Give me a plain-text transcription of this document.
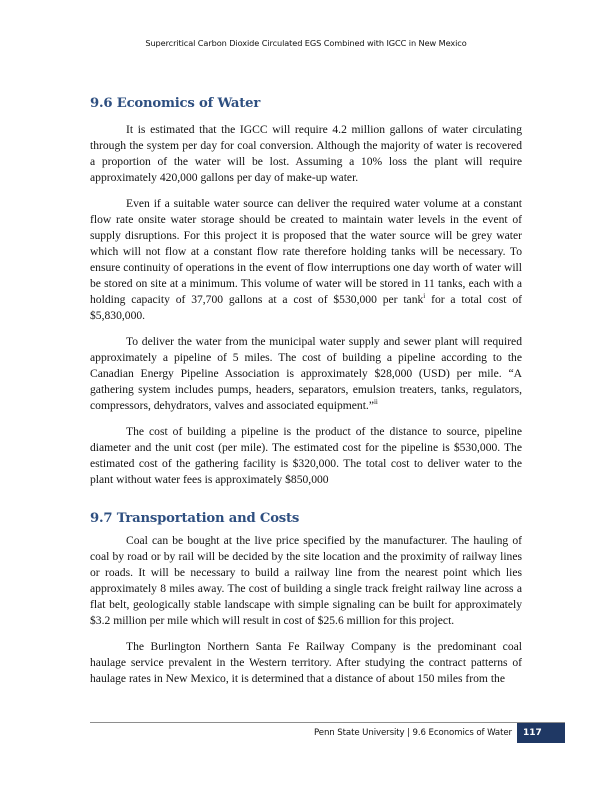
Supercritical Carbon Dioxide Circulated EGS Combined with IGCC in New Mexico
9.6 Economics of Water

It is estimated that the IGCC will require 4.2 million gallons of water circulating through the system per day for coal conversion. Although the majority of water is recovered a proportion of the water will be lost. Assuming a 10% loss the plant will require approximately 420,000 gallons per day of make-up water.

Even if a suitable water source can deliver the required water volume at a constant flow rate onsite water storage should be created to maintain water levels in the event of supply disruptions. For this project it is proposed that the water source will be grey water which will not flow at a constant flow rate therefore holding tanks will be necessary. To ensure continuity of operations in the event of flow interruptions one day worth of water will be stored on site at a minimum. This volume of water will be stored in 11 tanks, each with a holding capacity of 37,700 gallons at a cost of $530,000 per tank$^i$ for a total cost of $5,830,000.

To deliver the water from the municipal water supply and sewer plant will required approximately a pipeline of 5 miles. The cost of building a pipeline according to the Canadian Energy Pipeline Association is approximately $28,000 (USD) per mile. “A gathering system includes pumps, headers, separators, emulsion treaters, tanks, regulators, compressors, dehydrators, valves and associated equipment.”$^{ii}$

The cost of building a pipeline is the product of the distance to source, pipeline diameter and the unit cost (per mile). The estimated cost for the pipeline is $530,000. The estimated cost of the gathering facility is $320,000. The total cost to deliver water to the plant without water fees is approximately $850,000

9.7 Transportation and Costs

Coal can be bought at the live price specified by the manufacturer. The hauling of coal by road or by rail will be decided by the site location and the proximity of railway lines or roads. It will be necessary to build a railway line from the nearest point which lies approximately 8 miles away. The cost of building a single track freight railway line across a flat belt, geologically stable landscape with simple signaling can be built for approximately $3.2 million per mile which will result in cost of $25.6 million for this project.

The Burlington Northern Santa Fe Railway Company is the predominant coal haulage service prevalent in the Western territory. After studying the contract patterns of haulage rates in New Mexico, it is determined that a distance of about 150 miles from the

Penn State University | 9.6 Economics of Water	117
